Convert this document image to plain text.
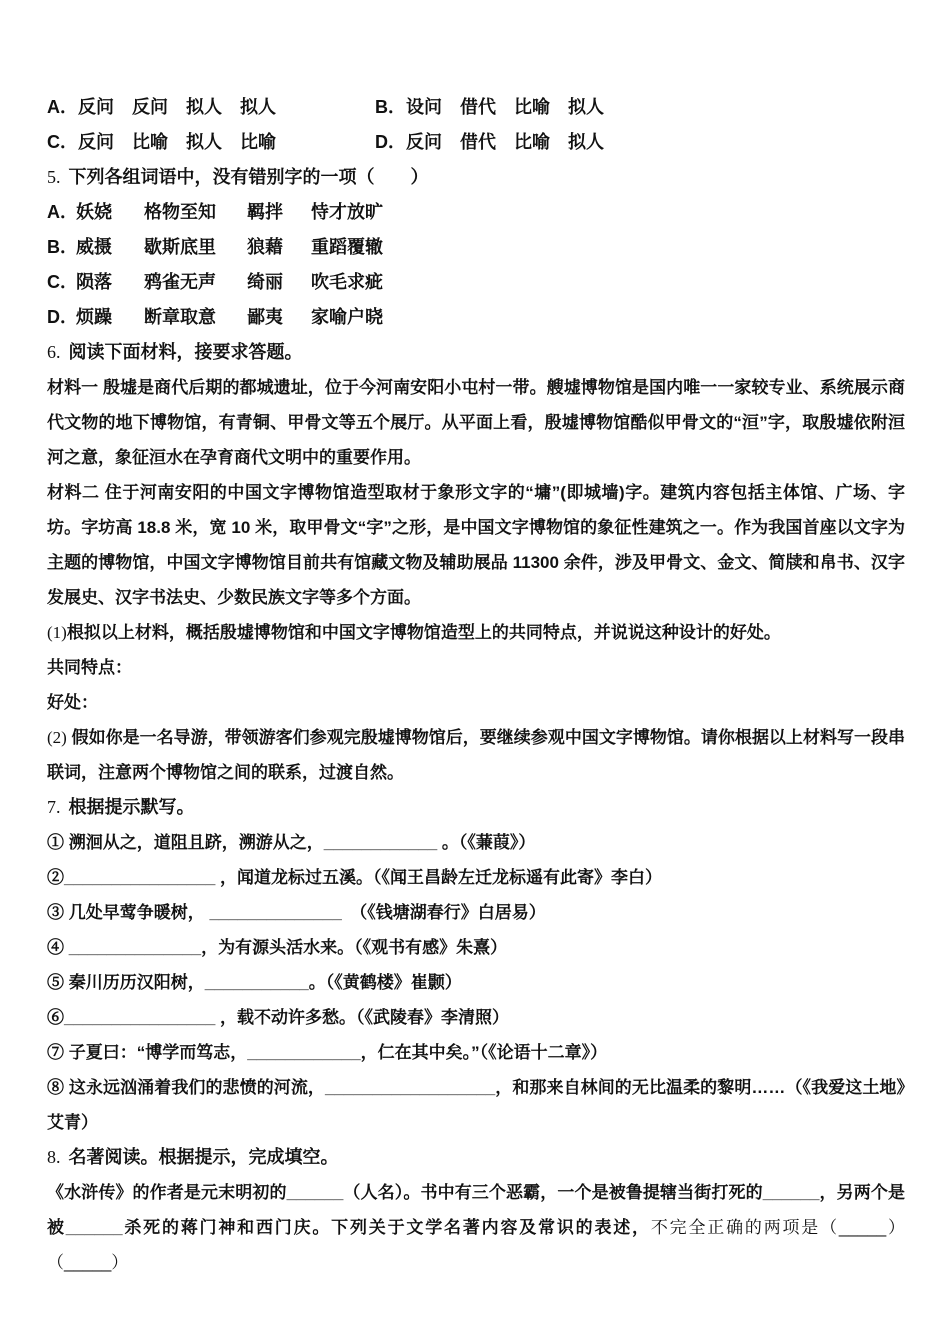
A．反问　反问　拟人　拟人	B．设问　借代　比喻　拟人
C．反问　比喻　拟人　比喻	D．反问　借代　比喻　拟人
5. 下列各组词语中，没有错别字的一项（　　）
A．
妖娆	格物至知	羁拌	恃才放旷
B．
威摄	歇斯底里	狼藉	重蹈覆辙
C．
陨落	鸦雀无声	绮丽	吹毛求疵
D．
烦躁	断章取意	鄙夷	家喻户晓
6. 阅读下面材料，接要求答题。

材料一 殷墟是商代后期的都城遗址，位于今河南安阳小屯村一带。艘墟博物馆是国内唯一一家较专业、系统展示商代文物的地下博物馆，有青铜、甲骨文等五个展厅。从平面上看，殷墟博物馆酷似甲骨文的“洹”字，取殷墟依附洹河之意，象征洹水在孕育商代文明中的重要作用。

材料二 住于河南安阳的中国文字博物馆造型取材于象形文字的“墉”(即城墙)字。建筑内容包括主体馆、广场、字坊。字坊高 18.8 米，宽 10 米，取甲骨文“字”之形，是中国文字博物馆的象征性建筑之一。作为我国首座以文字为主题的博物馆，中国文字博物馆目前共有馆藏文物及辅助展品 11300 余件，涉及甲骨文、金文、简牍和帛书、汉字发展史、汉字书法史、少数民族文字等多个方面。

(1)根拟以上材料，概括殷墟博物馆和中国文字博物馆造型上的共同特点，并说说这种设计的好处。

共同特点：
好处：

(2) 假如你是一名导游，带领游客们参观完殷墟博物馆后，要继续参观中国文字博物馆。请你根据以上材料写一段串联词，注意两个博物馆之间的联系，过渡自然。

7. 根据提示默写。
① 溯洄从之，道阻且跻，溯游从之，____________ 。（《蒹葭》）
②________________ ，闻道龙标过五溪。（《闻王昌龄左迁龙标遥有此寄》李白）
③ 几处早莺争暖树， ______________　（《钱塘湖春行》白居易）
④ ______________，为有源头活水来。（《观书有感》朱熹）
⑤ 秦川历历汉阳树，___________。（《黄鹤楼》崔颢）
⑥________________ ，载不动许多愁。（《武陵春》李清照）
⑦ 子夏曰：“博学而笃志，____________，仁在其中矣。”（《论语十二章》）

⑧ 这永远汹涌着我们的悲愤的河流，__________________，和那来自林间的无比温柔的黎明……（《我爱这土地》艾青）

8. 名著阅读。根据提示，完成填空。

《水浒传》的作者是元末明初的______（人名）。书中有三个恶霸，一个是被鲁提辖当街打死的______，另两个是被______杀死的蒋门神和西门庆。下列关于文学名著内容及常识的表述，不完全正确的两项是（_____） （_____）
